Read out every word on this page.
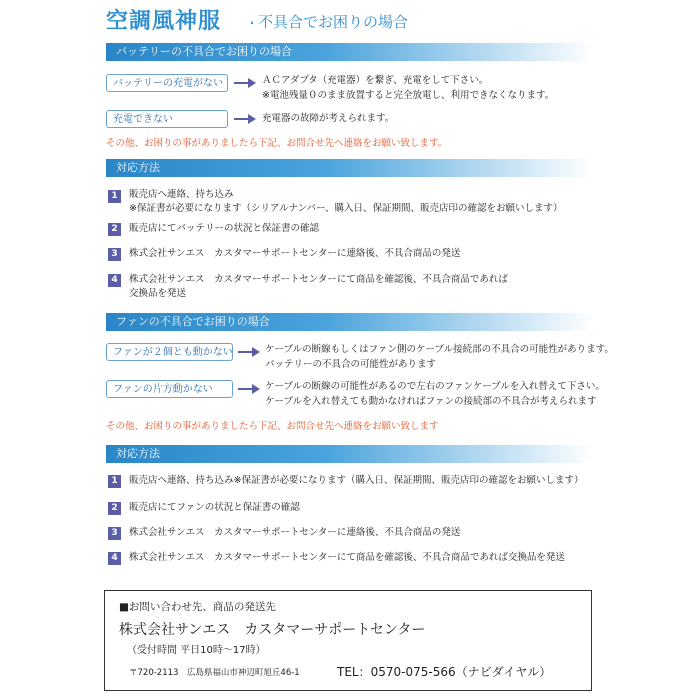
空調風神服 . 不具合でお困りの場合
バッテリーの不具合でお困りの場合
バッテリーの充電がない	ＡＣアダプタ（充電器）を繋ぎ、充電をして下さい。
※電池残量０のまま放置すると完全放電し、利用できなくなります。
充電できない	充電器の故障が考えられます。
その他、お困りの事がありましたら下記、お問合せ先へ連絡をお願い致します。
対応方法
1	販売店へ連絡、持ち込み
※保証書が必要になります（シリアルナンバー、購入日、保証期間、販売店印の確認をお願いします）
2	販売店にてバッテリーの状況と保証書の確認
3	株式会社サンエス　カスタマーサポートセンターに連絡後、不具合商品の発送
4	株式会社サンエス　カスタマーサポートセンターにて商品を確認後、不具合商品であれば
交換品を発送
ファンの不具合でお困りの場合
ファンが２個とも動かない	ケーブルの断線もしくはファン側のケーブル接続部の不具合の可能性があります。
バッテリーの不具合の可能性があります
ファンの片方動かない	ケーブルの断線の可能性があるので左右のファンケーブルを入れ替えて下さい。
ケーブルを入れ替えても動かなければファンの接続部の不具合が考えられます
その他、お困りの事がありましたら下記、お問合せ先へ連絡をお願い致します
対応方法
1	販売店へ連絡、持ち込み※保証書が必要になります（購入日、保証期間、販売店印の確認をお願いします）
2	販売店にてファンの状況と保証書の確認
3	株式会社サンエス　カスタマーサポートセンターに連絡後、不具合商品の発送
4	株式会社サンエス　カスタマーサポートセンターにて商品を確認後、不具合商品であれば交換品を発送
■お問い合わせ先、商品の発送先
株式会社サンエス　カスタマーサポートセンター
（受付時間 平日10時〜17時）
〒720-2113　広島県福山市神辺町旭丘46-1	TEL：0570-075-566（ナビダイヤル）
